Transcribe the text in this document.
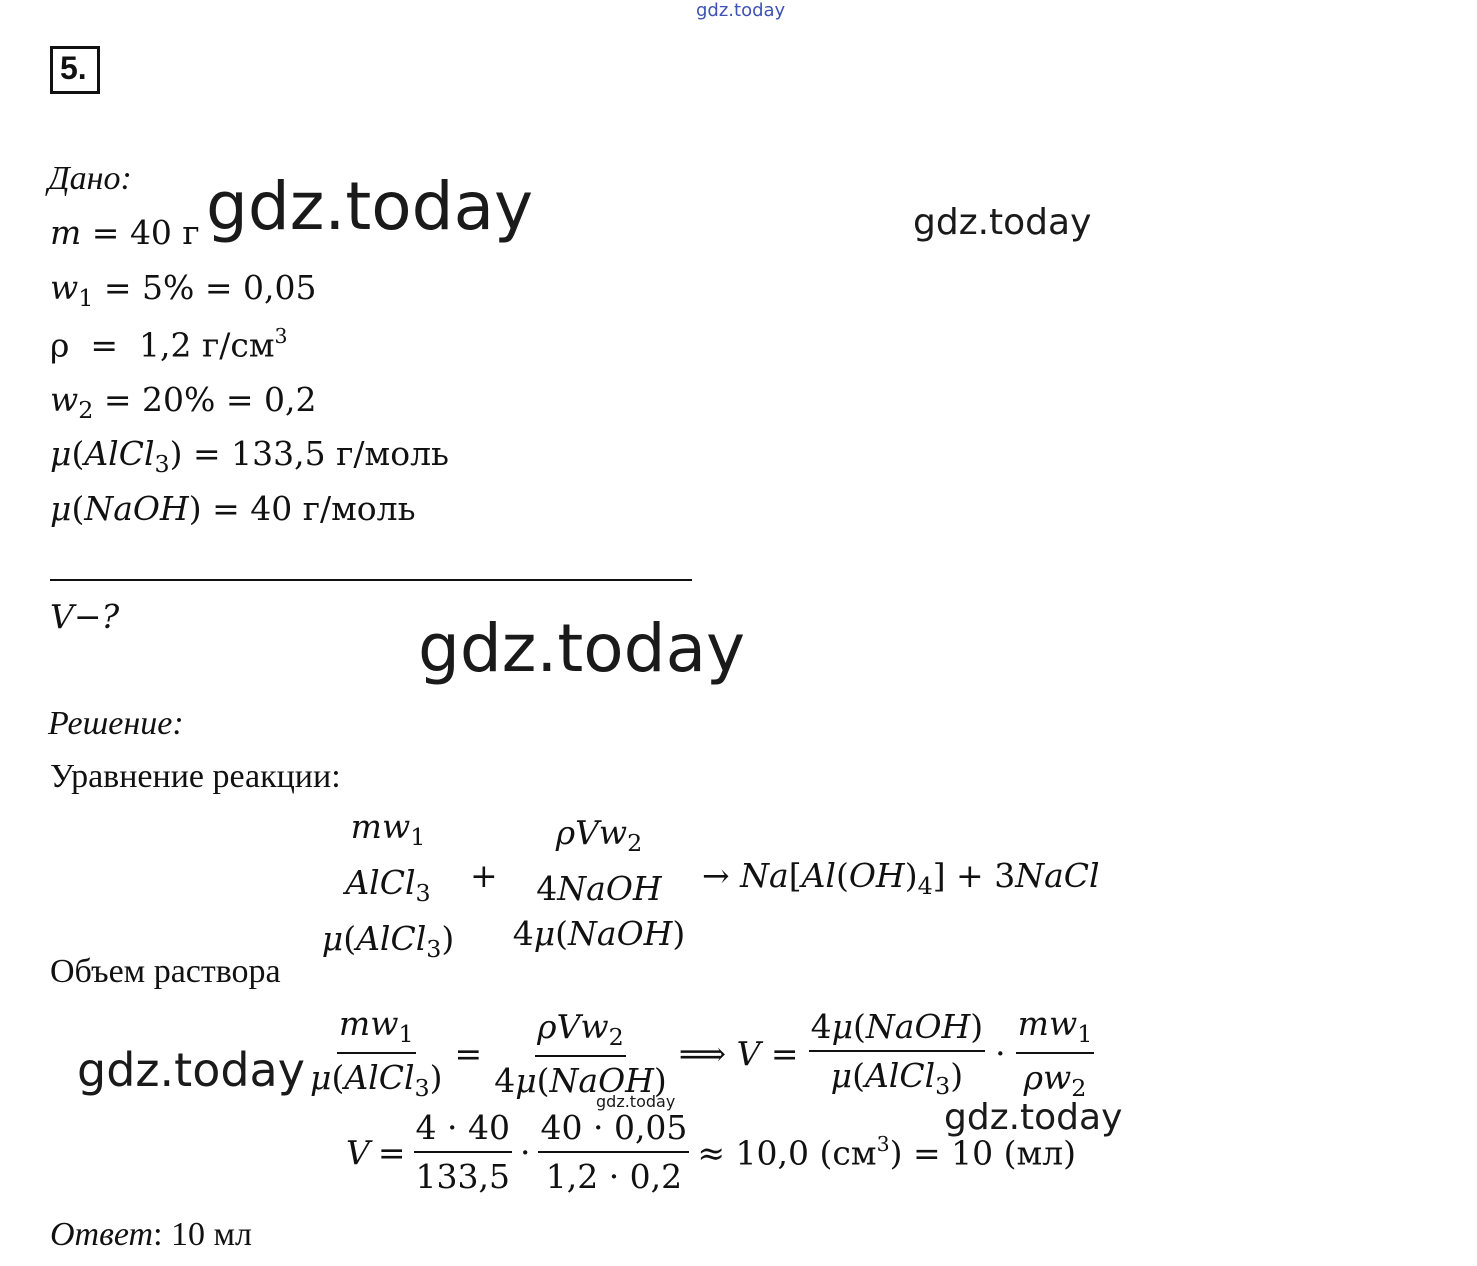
gdz.today
5.
Дано:
m = 40 г
$w_1 = 5\% = 0,05$
ρ  =  1,2 $г/см^3$
$w_2 = 20\% = 0,2$
μ(AlCl$_3$) = 133,5 г/моль
μ(NaOH) = 40 г/моль
V−?
Решение:
Уравнение реакции:
$mw_1$
AlCl$_3$
μ(AlCl$_3$)
+
ρVw$_2$
4NaOH
4μ(NaOH)
→ $Na[Al(OH)_4]$ + 3NaCl
Объем раствора
$\frac{mw_1}{\mu(AlCl_3)} = \frac{\rho Vw_2}{\text{4μ(NaOH)}}$ ⟹ $V = \frac{\text{4μ(NaOH)}}{\mu(AlCl_3)} \cdot \frac{mw_1}{\rho w_2}$
$V = \frac{4 \cdot 40}{133,5} \cdot \frac{40 \cdot 0,05}{1,2 \cdot 0,2} \approx 10,0$ $(см^3) = 10$ (мл)
Ответ: 10 мл
gdz.today	gdz.today
gdz.today
gdz.today
gdz.today	gdz.today
